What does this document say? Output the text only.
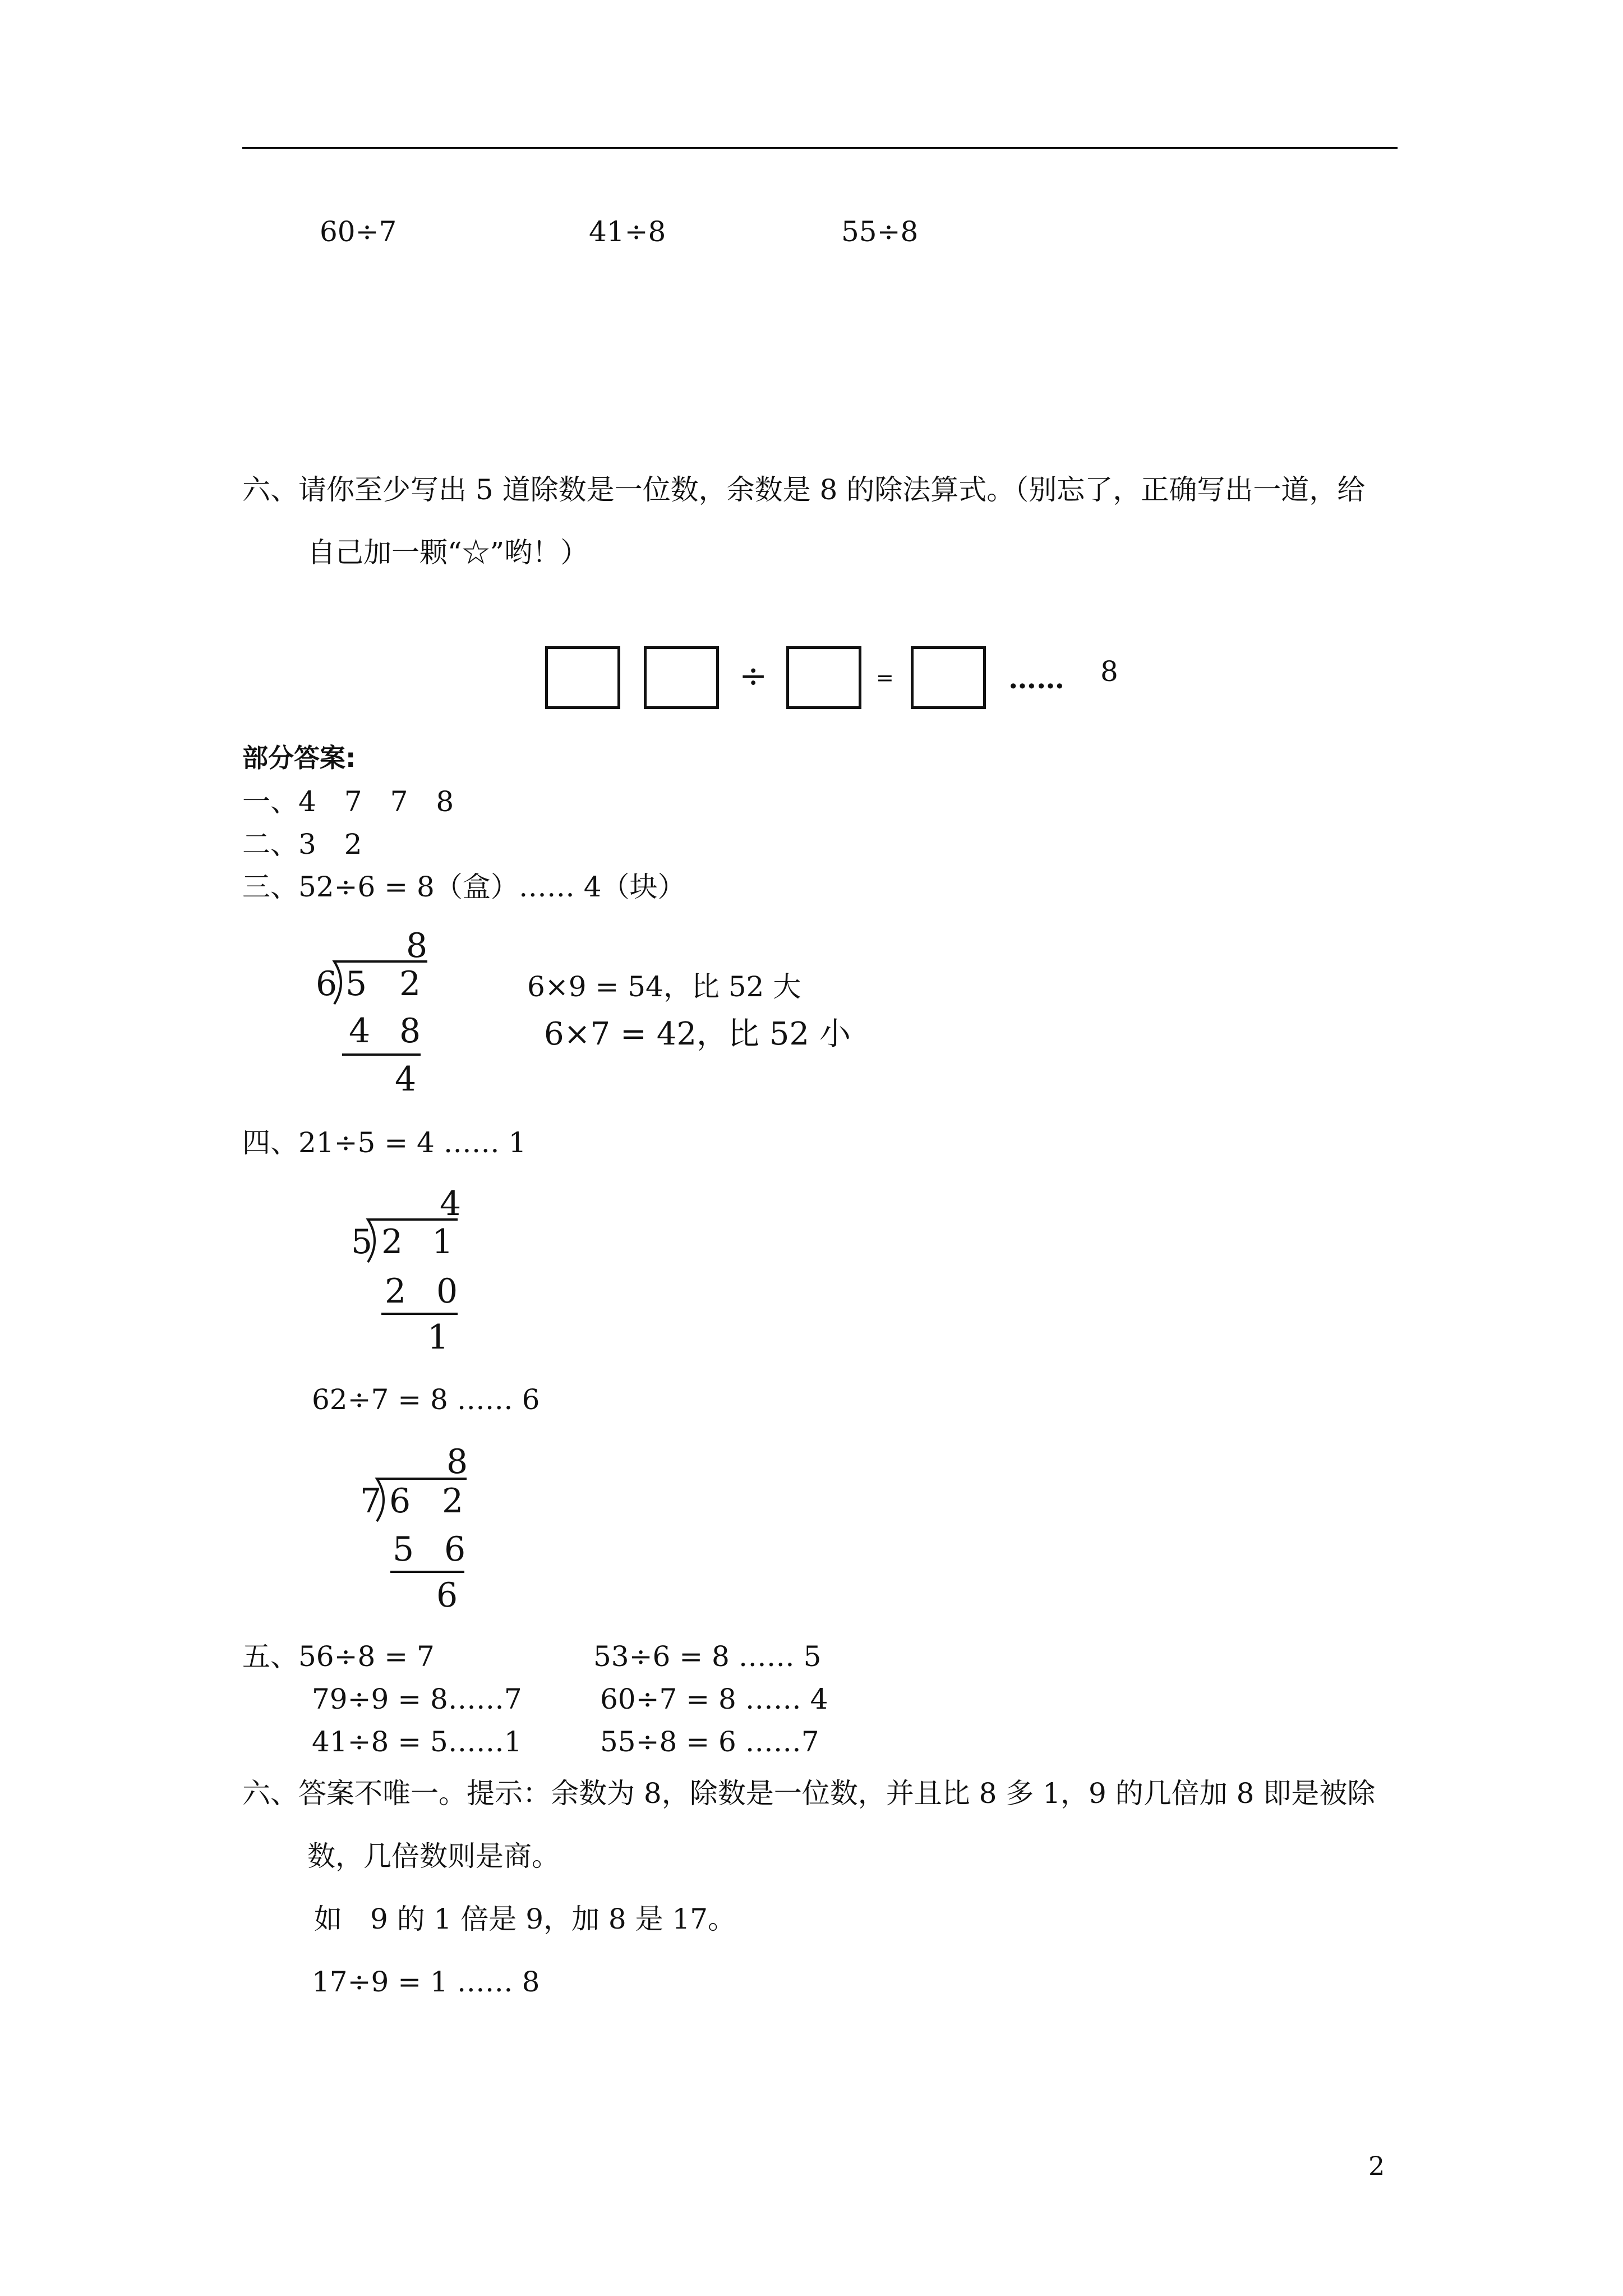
60÷7	41÷8	55÷8
六、请你至少写出 5 道除数是一位数，余数是 8 的除法算式。（别忘了，正确写出一道，给
自己加一颗“☆”哟！）
÷	=	…… 8
部分答案:
一、4　7　7　8
二、3　2
三、52÷6 = 8（盒）…… 4（块）
8
6 5 2
4 8
4
6×9 = 54，比 52 大
6×7 = 42，比 52 小
四、21÷5 = 4 …… 1
4
5 2 1
2 0
1
62÷7 = 8 …… 6
8
7 6 2
5 6
6
五、56÷8 = 7	53÷6 = 8 …… 5
79÷9 = 8……7	60÷7 = 8 …… 4
41÷8 = 5……1	55÷8 = 6 ……7
六、答案不唯一。提示：余数为 8，除数是一位数，并且比 8 多 1，9 的几倍加 8 即是被除
数，几倍数则是商。
如　9 的 1 倍是 9，加 8 是 17。
17÷9 = 1 …… 8
2
